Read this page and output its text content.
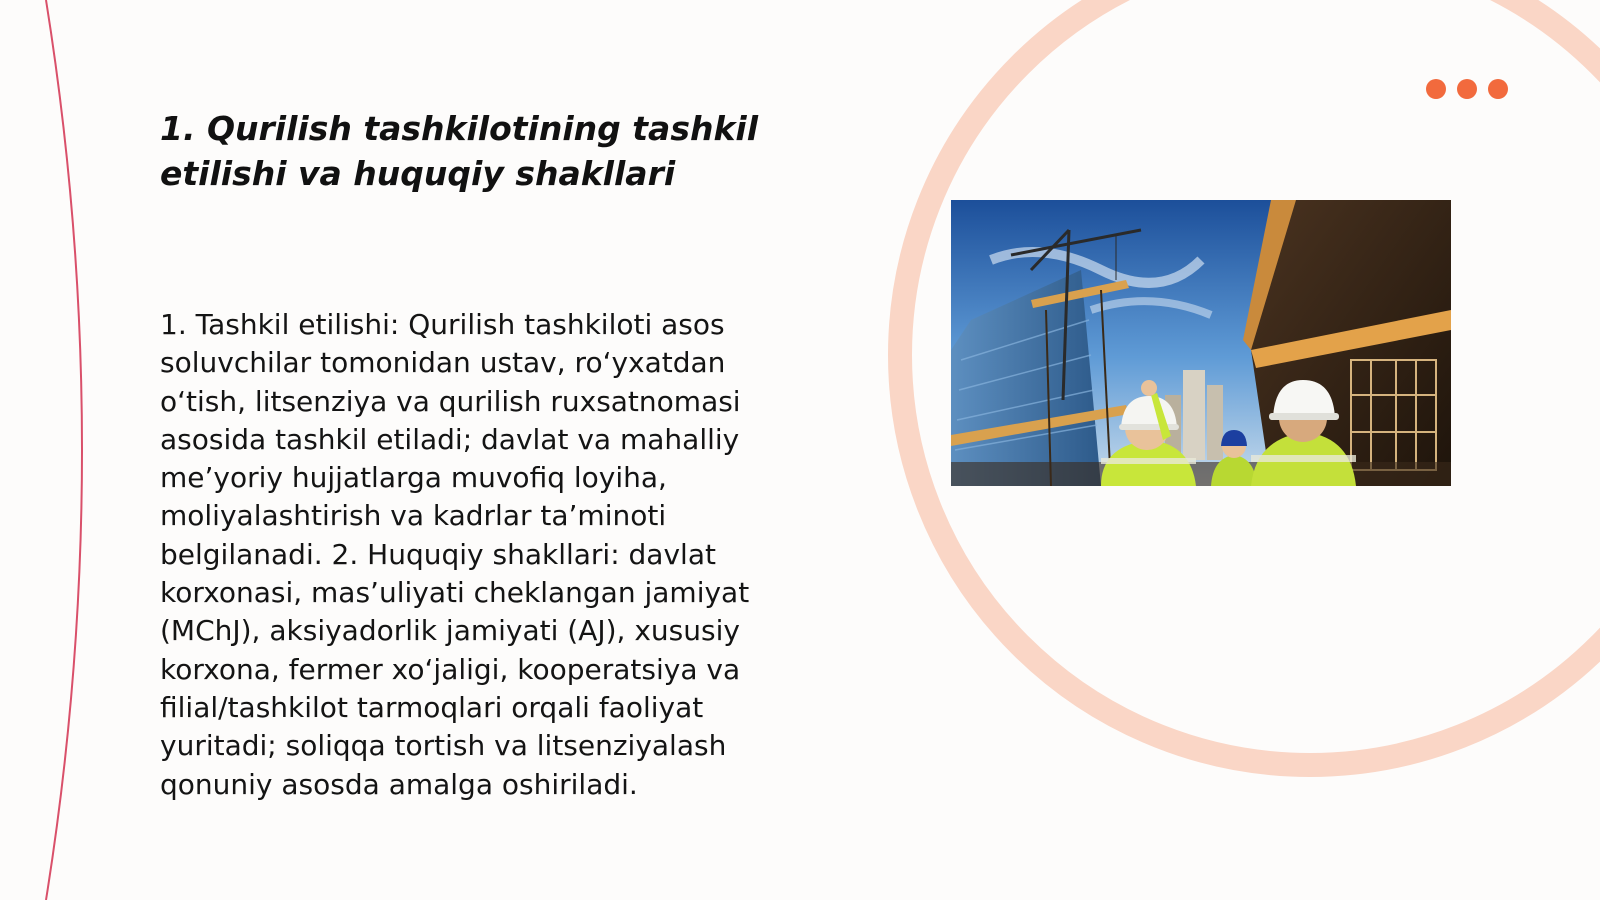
1. Qurilish tashkilotining tashkil etilishi va huquqiy shakllari

1. Tashkil etilishi: Qurilish tashkiloti asos soluvchilar tomonidan ustav, ro‘yxatdan o‘tish, litsenziya va qurilish ruxsatnomasi asosida tashkil etiladi; davlat va mahalliy me’yoriy hujjatlarga muvofiq loyiha, moliyalashtirish va kadrlar ta’minoti belgilanadi. 2. Huquqiy shakllari: davlat korxonasi, mas’uliyati cheklangan jamiyat (MChJ), aksiyadorlik jamiyati (AJ), xususiy korxona, fermer xo‘jaligi, kooperatsiya va filial/tashkilot tarmoqlari orqali faoliyat yuritadi; soliqqa tortish va litsenziyalash qonuniy asosda amalga oshiriladi.
